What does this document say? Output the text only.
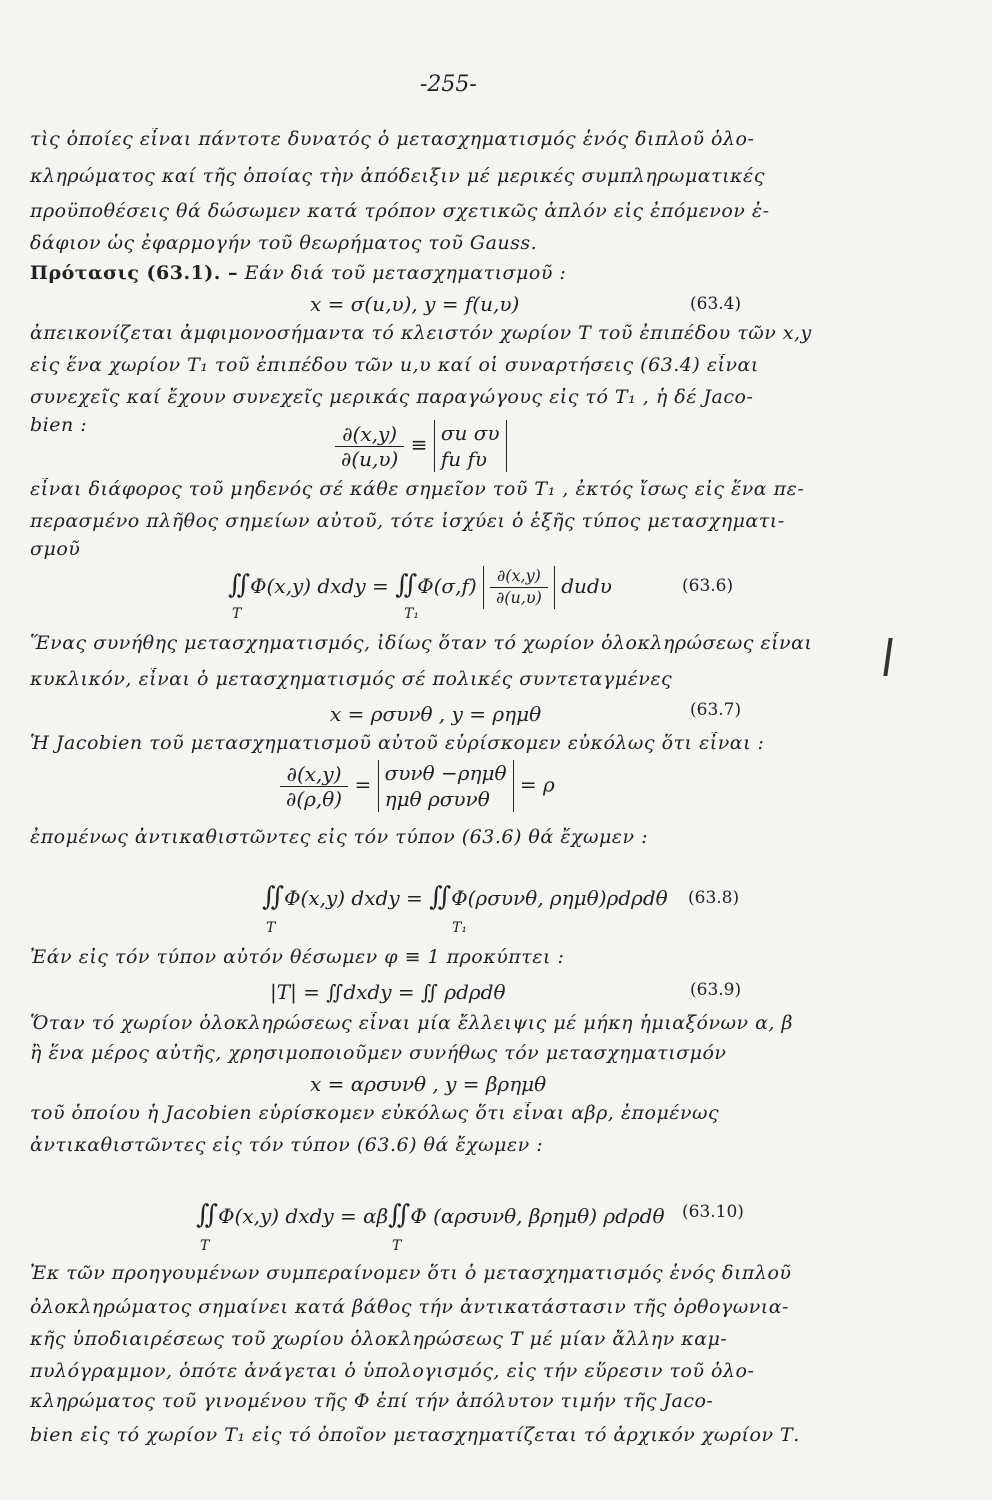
-255-
τὶς ὁποίες εἶναι πάντοτε δυνατός ὁ μετασχηματισμός ἑνός διπλοῦ ὁλο-
κληρώματος καί τῆς ὁποίας τὴν ἀπόδειξιν μέ μερικές συμπληρωματικές
προϋποθέσεις θά δώσωμεν κατά τρόπον σχετικῶς ἁπλόν εἰς ἐπόμενον ἐ-
δάφιον ὡς ἐφαρμογήν τοῦ θεωρήματος τοῦ Gauss.
Πρότασις (63.1). – Εάν διά τοῦ μετασχηματισμοῦ :
x = σ(u,υ), y = f(u,υ)	(63.4)
ἀπεικονίζεται ἀμφιμονοσήμαντα τό κλειστόν χωρίον Τ τοῦ ἐπιπέδου τῶν x,y
εἰς ἕνα χωρίον Τ₁ τοῦ ἐπιπέδου τῶν u,υ καί οἱ συναρτήσεις (63.4) εἶναι
συνεχεῖς καί ἔχουν συνεχεῖς μερικάς παραγώγους εἰς τό Τ₁ , ἡ δέ Jaco-
bien :	$\frac{\partial(x,y)}{\partial(u,\upsilon)} \equiv \sigma u$ συ
fu fυ
εἶναι διάφορος τοῦ μηδενός σέ κάθε σημεῖον τοῦ Τ₁ , ἐκτός ἴσως εἰς ἕνα πε-
περασμένο πλῆθος σημείων αὐτοῦ, τότε ἰσχύει ὁ ἑξῆς τύπος μετασχηματι-
σμοῦ
∬Φ(x,y) dxdy = ∬Φ(σ,f)	∂(x,y)
∂(u,υ) dudυ
T	T₁
(63.6)
Ἕνας συνήθης μετασχηματισμός, ἰδίως ὅταν τό χωρίον ὁλοκληρώσεως εἶναι
κυκλικόν, εἶναι ὁ μετασχηματισμός σέ πολικές συντεταγμένες
x = ρσυνθ , y = ρημθ	(63.7)
Ἡ Jacobien τοῦ μετασχηματισμοῦ αὐτοῦ εὑρίσκομεν εὐκόλως ὅτι εἶναι :
$\frac{\partial(x,y)}{\partial(\rho,\theta)} = \sigma\upsilon\nu\theta -\rho\eta\mu\theta$
ημθ ρσυνθ
= ρ
ἐπομένως ἀντικαθιστῶντες εἰς τόν τύπον (63.6) θά ἔχωμεν :
∬Φ(x,y) dxdy = ∬Φ(ρσυνθ, ρημθ)ρdρdθ
T	T₁
(63.8)
Ἐάν εἰς τόν τύπον αὐτόν θέσωμεν φ ≡ 1 προκύπτει :
|T| = ∬dxdy = ∬ ρdρdθ	(63.9)
Ὅταν τό χωρίον ὁλοκληρώσεως εἶναι μία ἔλλειψις μέ μήκη ἡμιαξόνων α, β
ἢ ἕνα μέρος αὐτῆς, χρησιμοποιοῦμεν συνήθως τόν μετασχηματισμόν
x = αρσυνθ , y = βρημθ
τοῦ ὁποίου ἡ Jacobien εὑρίσκομεν εὐκόλως ὅτι εἶναι αβρ, ἐπομένως
ἀντικαθιστῶντες εἰς τόν τύπον (63.6) θά ἔχωμεν :
∬Φ(x,y) dxdy = αβ∬Φ (αρσυνθ, βρημθ) ρdρdθ
T	T
(63.10)
Ἐκ τῶν προηγουμένων συμπεραίνομεν ὅτι ὁ μετασχηματισμός ἑνός διπλοῦ
ὁλοκληρώματος σημαίνει κατά βάθος τήν ἀντικατάστασιν τῆς ὀρθογωνια-
κῆς ὑποδιαιρέσεως τοῦ χωρίου ὁλοκληρώσεως Τ μέ μίαν ἄλλην καμ-
πυλόγραμμον, ὁπότε ἀνάγεται ὁ ὑπολογισμός, εἰς τήν εὕρεσιν τοῦ ὁλο-
κληρώματος τοῦ γινομένου τῆς Φ ἐπί τήν ἀπόλυτον τιμήν τῆς Jaco-
bien εἰς τό χωρίον Τ₁ εἰς τό ὁποῖον μετασχηματίζεται τό ἀρχικόν χωρίον Τ.
